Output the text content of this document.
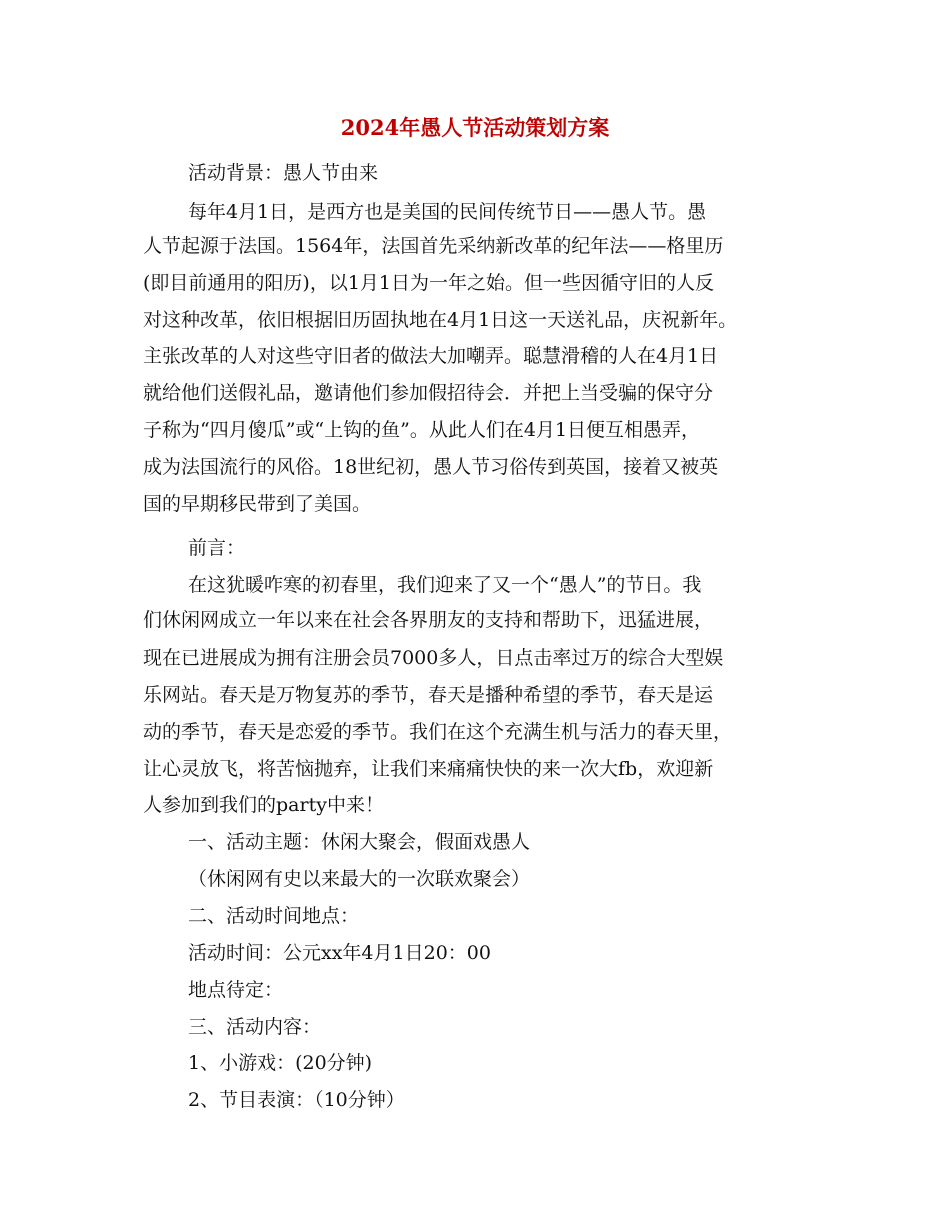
2024年愚人节活动策划方案
活动背景：愚人节由来
每年4月1日，是西方也是美国的民间传统节日——愚人节。愚
人节起源于法国。1564年，法国首先采纳新改革的纪年法——格里历
(即目前通用的阳历)，以1月1日为一年之始。但一些因循守旧的人反
对这种改革，依旧根据旧历固执地在4月1日这一天送礼品，庆祝新年。
主张改革的人对这些守旧者的做法大加嘲弄。聪慧滑稽的人在4月1日
就给他们送假礼品，邀请他们参加假招待会．并把上当受骗的保守分
子称为“四月傻瓜”或“上钩的鱼”。从此人们在4月1日便互相愚弄，
成为法国流行的风俗。18世纪初，愚人节习俗传到英国，接着又被英
国的早期移民带到了美国。
前言：
在这犹暖咋寒的初春里，我们迎来了又一个“愚人”的节日。我
们休闲网成立一年以来在社会各界朋友的支持和帮助下，迅猛进展，
现在已进展成为拥有注册会员7000多人，日点击率过万的综合大型娱
乐网站。春天是万物复苏的季节，春天是播种希望的季节，春天是运
动的季节，春天是恋爱的季节。我们在这个充满生机与活力的春天里，
让心灵放飞，将苦恼抛弃，让我们来痛痛快快的来一次大fb，欢迎新
人参加到我们的party中来！
一、活动主题：休闲大聚会，假面戏愚人
（休闲网有史以来最大的一次联欢聚会）
二、活动时间地点：
活动时间：公元xx年4月1日20：00
地点待定：
三、活动内容：
1、小游戏：(20分钟)
2、节目表演：（10分钟）
